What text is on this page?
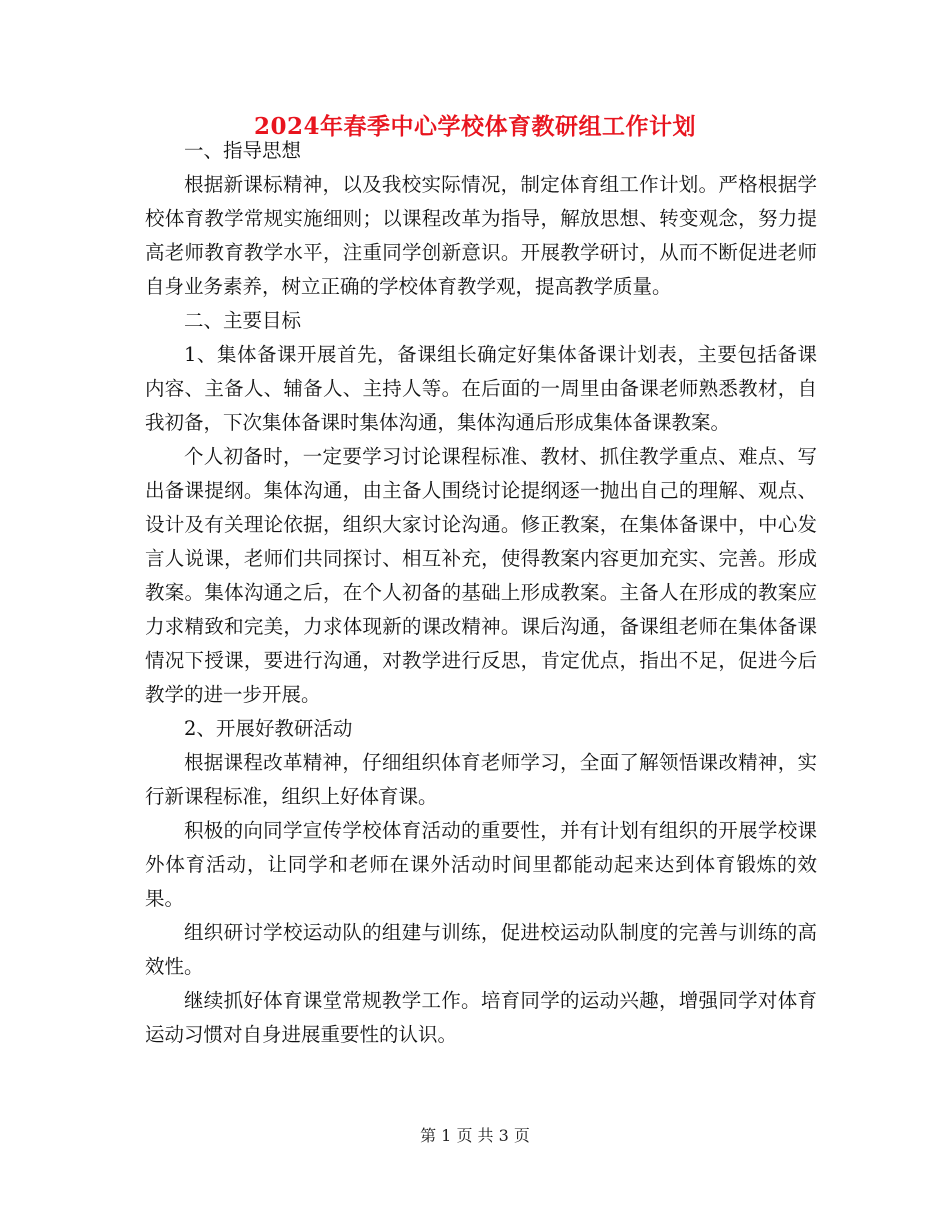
2024年春季中心学校体育教研组工作计划

一、指导思想

根据新课标精神，以及我校实际情况，制定体育组工作计划。严格根据学校体育教学常规实施细则；以课程改革为指导，解放思想、转变观念，努力提高老师教育教学水平，注重同学创新意识。开展教学研讨，从而不断促进老师自身业务素养，树立正确的学校体育教学观，提高教学质量。

二、主要目标

1、集体备课开展首先，备课组长确定好集体备课计划表，主要包括备课内容、主备人、辅备人、主持人等。在后面的一周里由备课老师熟悉教材，自我初备，下次集体备课时集体沟通，集体沟通后形成集体备课教案。

个人初备时，一定要学习讨论课程标准、教材、抓住教学重点、难点、写出备课提纲。集体沟通，由主备人围绕讨论提纲逐一抛出自己的理解、观点、设计及有关理论依据，组织大家讨论沟通。修正教案，在集体备课中，中心发言人说课，老师们共同探讨、相互补充，使得教案内容更加充实、完善。形成教案。集体沟通之后，在个人初备的基础上形成教案。主备人在形成的教案应力求精致和完美，力求体现新的课改精神。课后沟通，备课组老师在集体备课情况下授课，要进行沟通，对教学进行反思，肯定优点，指出不足，促进今后教学的进一步开展。

2、开展好教研活动

根据课程改革精神，仔细组织体育老师学习，全面了解领悟课改精神，实行新课程标准，组织上好体育课。

积极的向同学宣传学校体育活动的重要性，并有计划有组织的开展学校课外体育活动，让同学和老师在课外活动时间里都能动起来达到体育锻炼的效果。

组织研讨学校运动队的组建与训练，促进校运动队制度的完善与训练的高效性。

继续抓好体育课堂常规教学工作。培育同学的运动兴趣，增强同学对体育运动习惯对自身进展重要性的认识。

第 1 页 共 3 页
